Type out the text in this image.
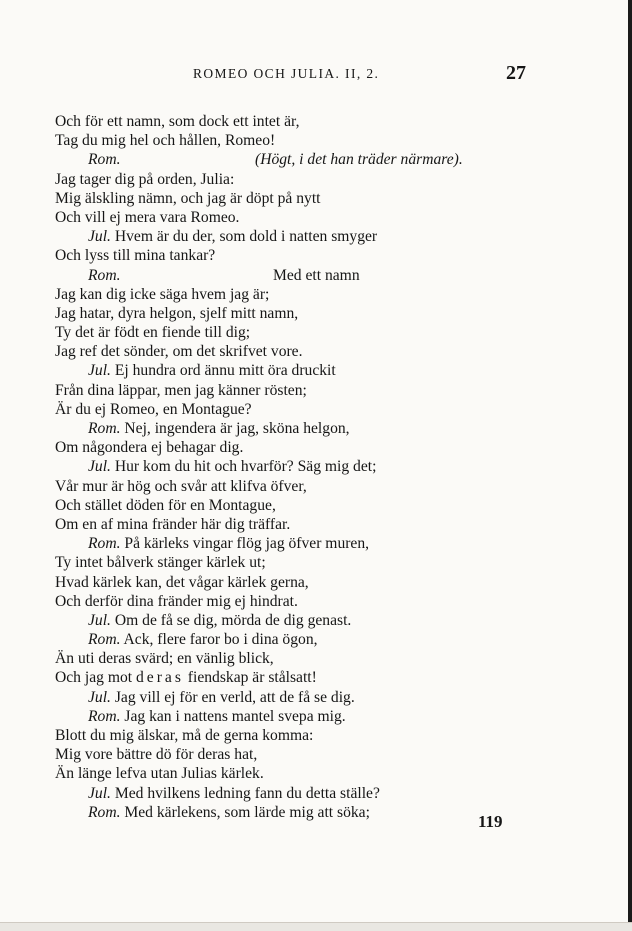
ROMEO OCH JULIA. II, 2.	27
Och för ett namn, som dock ett intet är,
Tag du mig hel och hållen, Romeo!
Rom.	(Högt, i det han träder närmare).
Jag tager dig på orden, Julia:
Mig älskling nämn, och jag är döpt på nytt
Och vill ej mera vara Romeo.
Jul. Hvem är du der, som dold i natten smyger
Och lyss till mina tankar?
Rom.	Med ett namn
Jag kan dig icke säga hvem jag är;
Jag hatar, dyra helgon, sjelf mitt namn,
Ty det är födt en fiende till dig;
Jag ref det sönder, om det skrifvet vore.
Jul. Ej hundra ord ännu mitt öra druckit
Från dina läppar, men jag känner rösten;
Är du ej Romeo, en Montague?
Rom. Nej, ingendera är jag, sköna helgon,
Om någondera ej behagar dig.
Jul. Hur kom du hit och hvarför? Säg mig det;
Vår mur är hög och svår att klifva öfver,
Och stället döden för en Montague,
Om en af mina fränder här dig träffar.
Rom. På kärleks vingar flög jag öfver muren,
Ty intet bålverk stänger kärlek ut;
Hvad kärlek kan, det vågar kärlek gerna,
Och derför dina fränder mig ej hindrat.
Jul. Om de få se dig, mörda de dig genast.
Rom. Ack, flere faror bo i dina ögon,
Än uti deras svärd; en vänlig blick,
Och jag mot deras fiendskap är stålsatt!
Jul. Jag vill ej för en verld, att de få se dig.
Rom. Jag kan i nattens mantel svepa mig.
Blott du mig älskar, må de gerna komma:
Mig vore bättre dö för deras hat,
Än länge lefva utan Julias kärlek.
Jul. Med hvilkens ledning fann du detta ställe?
Rom. Med kärlekens, som lärde mig att söka;	119
